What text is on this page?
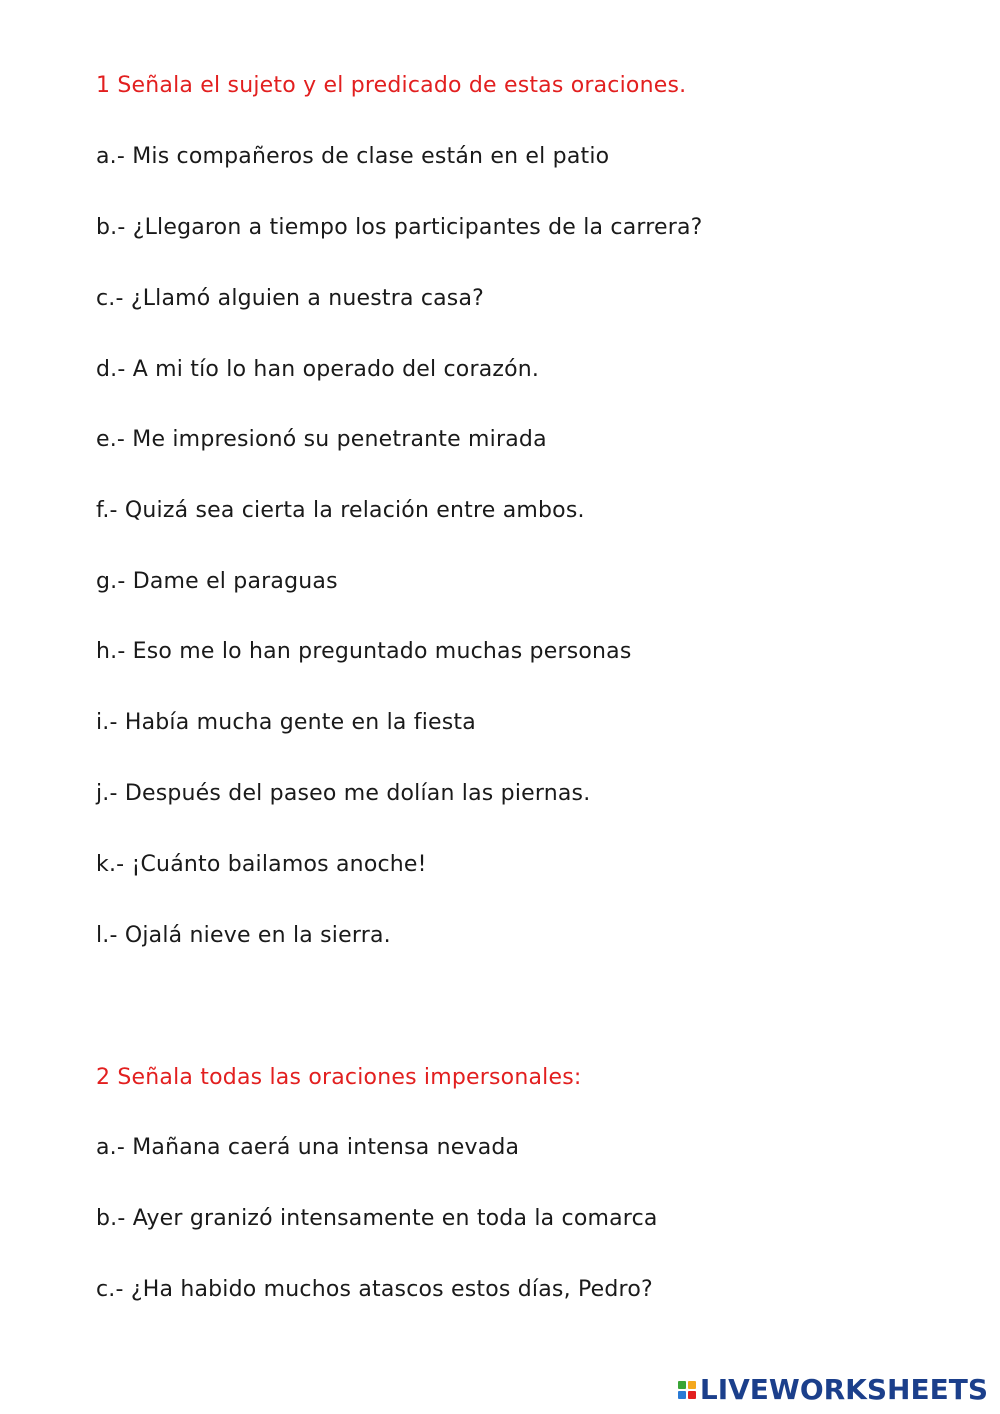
1 Señala el sujeto y el predicado de estas oraciones.
a.- Mis compañeros de clase están en el patio
b.- ¿Llegaron a tiempo los participantes de la carrera?
c.- ¿Llamó alguien a nuestra casa?
d.- A mi tío lo han operado del corazón.
e.- Me impresionó su penetrante mirada
f.- Quizá sea cierta la relación entre ambos.
g.- Dame el paraguas
h.- Eso me lo han preguntado muchas personas
i.- Había mucha gente en la fiesta
j.- Después del paseo me dolían las piernas.
k.- ¡Cuánto bailamos anoche!
l.- Ojalá nieve en la sierra.
2 Señala todas las oraciones impersonales:
a.- Mañana caerá una intensa nevada
b.- Ayer granizó intensamente en toda la comarca
c.- ¿Ha habido muchos atascos estos días, Pedro?
LIVEWORKSHEETS
